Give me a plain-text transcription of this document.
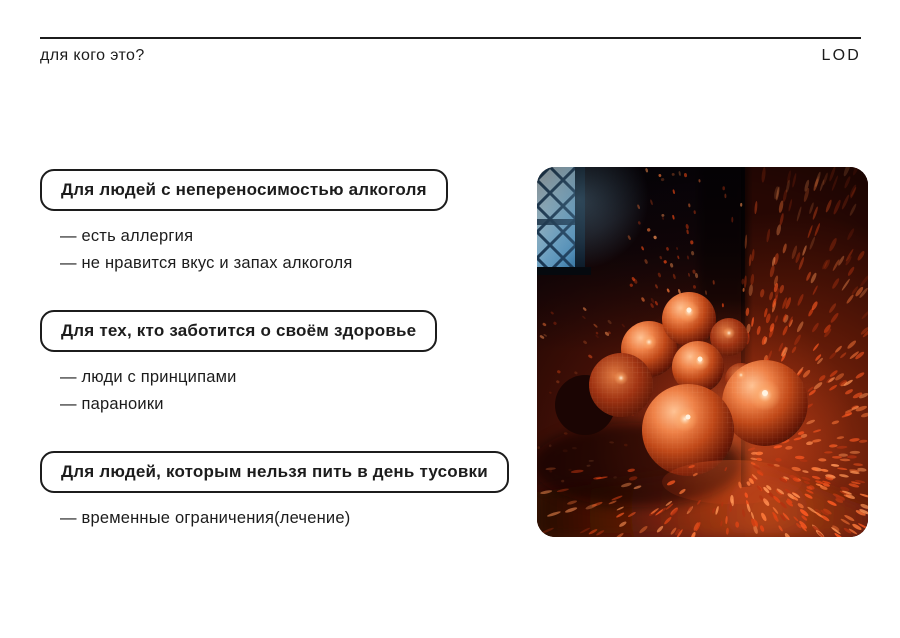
для кого это?	LOD
Для людей с непереносимостью алкоголя
— есть аллергия
— не нравится вкус и запах алкоголя
Для тех, кто заботится о своём здоровье
— люди с принципами
— параноики
Для людей, которым нельзя пить в день тусовки
— временные ограничения(лечение)
